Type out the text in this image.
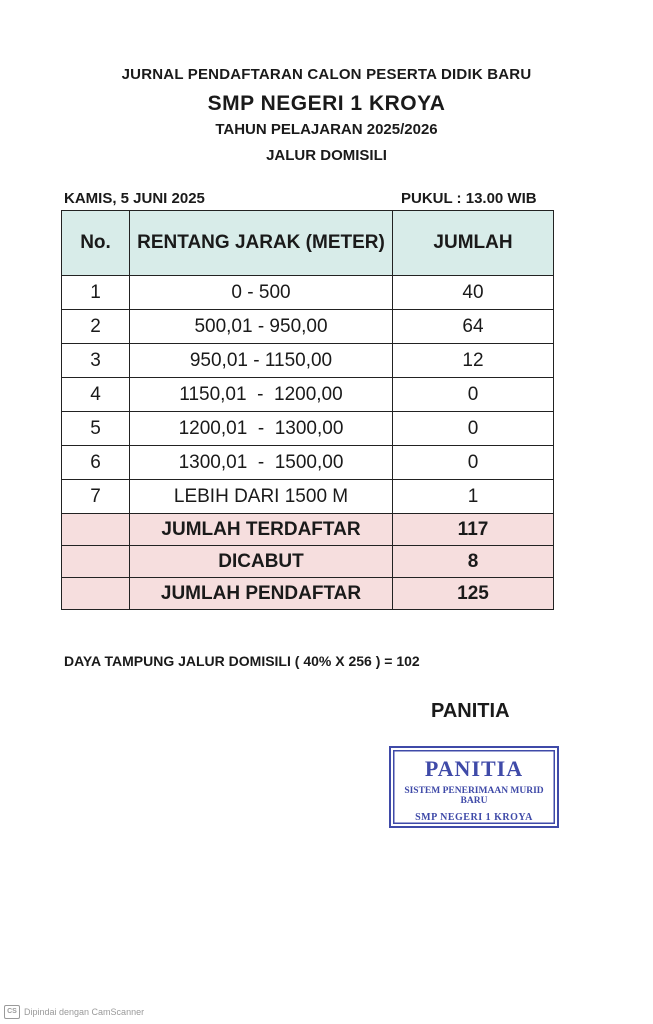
JURNAL PENDAFTARAN CALON PESERTA DIDIK BARU
SMP NEGERI 1 KROYA
TAHUN PELAJARAN 2025/2026
JALUR DOMISILI
KAMIS, 5 JUNI 2025	PUKUL : 13.00 WIB
No.	RENTANG JARAK (METER)	JUMLAH
1	0 - 500	40
2	500,01 - 950,00	64
3	950,01 - 1150,00	12
4	1150,01  -  1200,00	0
5	1200,01  -  1300,00	0
6	1300,01  -  1500,00	0
7	LEBIH DARI 1500 M	1
	JUMLAH TERDAFTAR	117
	DICABUT	8
	JUMLAH PENDAFTAR	125
DAYA TAMPUNG JALUR DOMISILI ( 40% X 256 ) = 102
PANITIA
PANITIA
SISTEM PENERIMAAN MURID BARU
SMP NEGERI 1 KROYA
CS Dipindai dengan CamScanner
